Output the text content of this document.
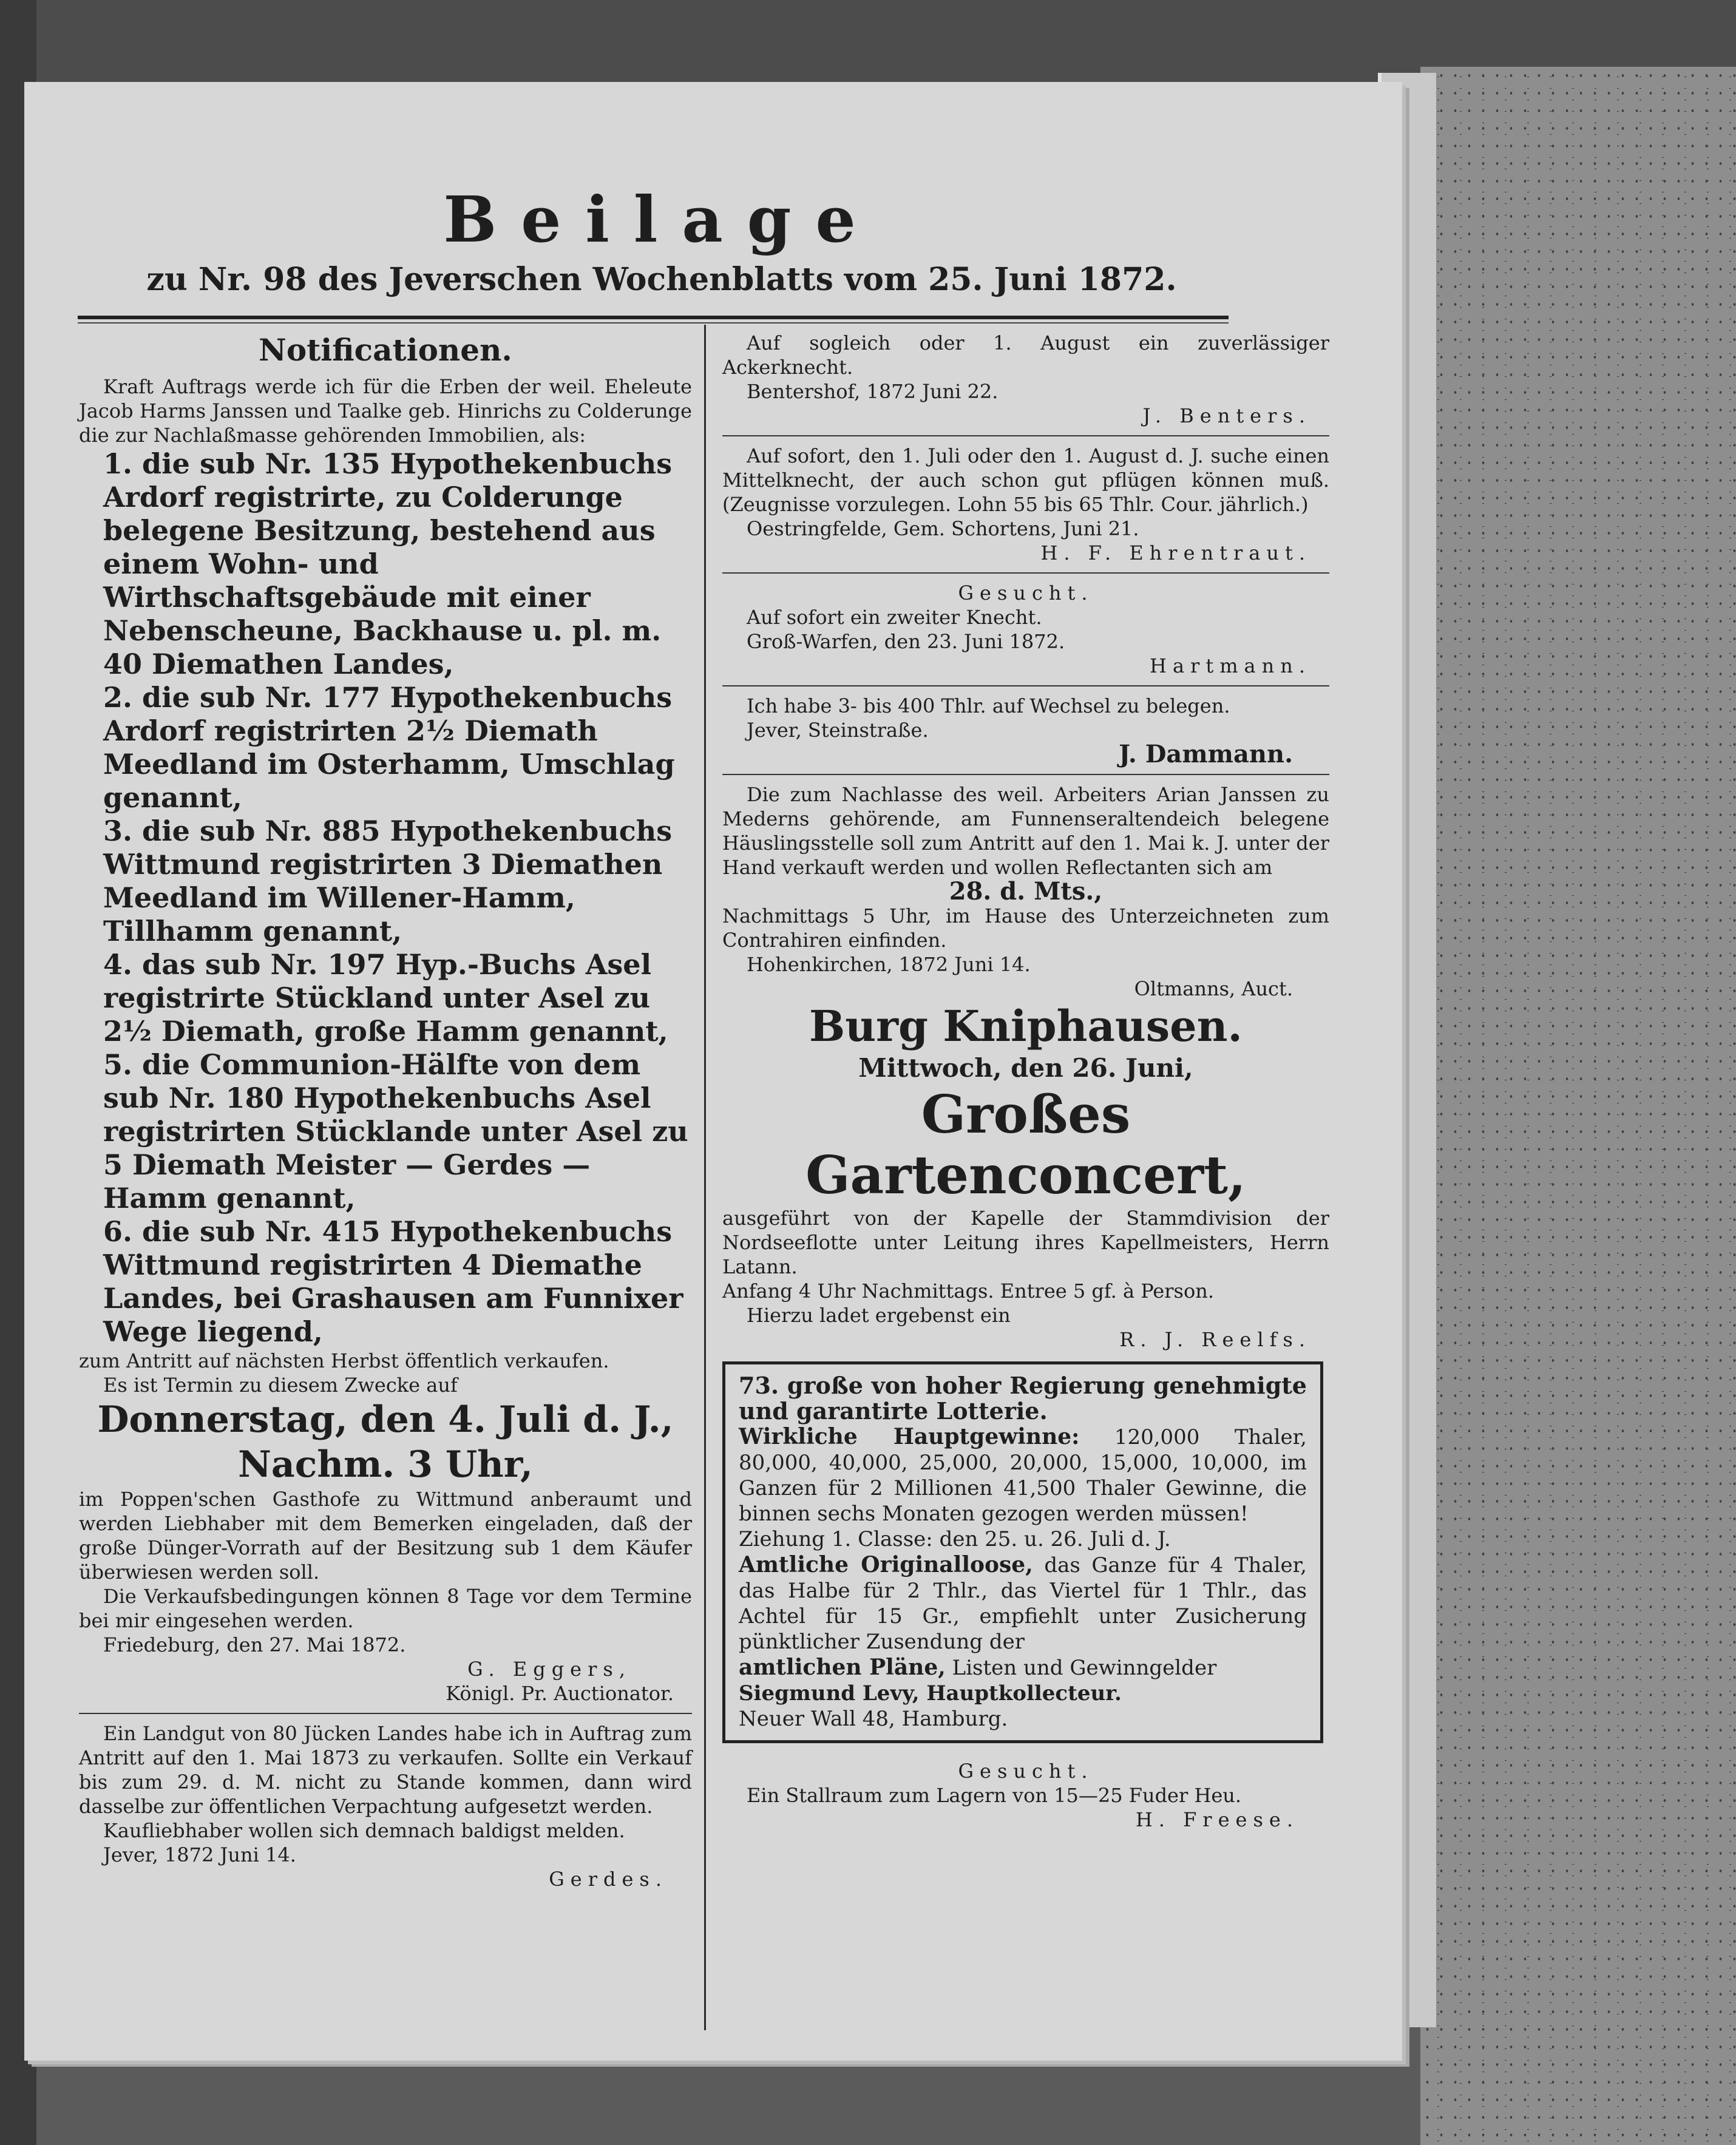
Beilage
zu Nr. 98 des Jeverschen Wochenblatts vom 25. Juni 1872.

Notificationen.

Kraft Auftrags werde ich für die Erben der weil. Eheleute Jacob Harms Janssen und Taalke geb. Hinrichs zu Colderunge die zur Nachlaßmasse gehörenden Immobilien, als:

1. die sub Nr. 135 Hypothekenbuchs Ardorf registrirte, zu Colderunge belegene Besitzung, bestehend aus einem Wohn- und Wirthschaftsgebäude mit einer Nebenscheune, Backhause u. pl. m. 40 Diemathen Landes,

2. die sub Nr. 177 Hypothekenbuchs Ardorf registrirten 2½ Diemath Meedland im Osterhamm, Umschlag genannt,

3. die sub Nr. 885 Hypothekenbuchs Wittmund registrirten 3 Diemathen Meedland im Willener-Hamm, Tillhamm genannt,

4. das sub Nr. 197 Hyp.-Buchs Asel registrirte Stückland unter Asel zu 2½ Diemath, große Hamm genannt,

5. die Communion-Hälfte von dem sub Nr. 180 Hypothekenbuchs Asel registrirten Stücklande unter Asel zu 5 Diemath Meister — Gerdes — Hamm genannt,

6. die sub Nr. 415 Hypothekenbuchs Wittmund registrirten 4 Diemathe Landes, bei Grashausen am Funnixer Wege liegend,

zum Antritt auf nächsten Herbst öffentlich verkaufen.

Es ist Termin zu diesem Zwecke auf

Donnerstag, den 4. Juli d. J.,

Nachm. 3 Uhr,

im Poppen'schen Gasthofe zu Wittmund anberaumt und werden Liebhaber mit dem Bemerken eingeladen, daß der große Dünger-Vorrath auf der Besitzung sub 1 dem Käufer überwiesen werden soll.

Die Verkaufsbedingungen können 8 Tage vor dem Termine bei mir eingesehen werden.

Friedeburg, den 27. Mai 1872.

G. Eggers,

Königl. Pr. Auctionator.

Ein Landgut von 80 Jücken Landes habe ich in Auftrag zum Antritt auf den 1. Mai 1873 zu verkaufen. Sollte ein Verkauf bis zum 29. d. M. nicht zu Stande kommen, dann wird dasselbe zur öffentlichen Verpachtung aufgesetzt werden.

Kaufliebhaber wollen sich demnach baldigst melden.

Jever, 1872 Juni 14.

Gerdes.

Auf sogleich oder 1. August ein zuverlässiger Ackerknecht.

Bentershof, 1872 Juni 22.

J. Benters.

Auf sofort, den 1. Juli oder den 1. August d. J. suche einen Mittelknecht, der auch schon gut pflügen können muß. (Zeugnisse vorzulegen. Lohn 55 bis 65 Thlr. Cour. jährlich.)

Oestringfelde, Gem. Schortens, Juni 21.

H. F. Ehrentraut.

Gesucht.

Auf sofort ein zweiter Knecht.

Groß-Warfen, den 23. Juni 1872.

Hartmann.

Ich habe 3- bis 400 Thlr. auf Wechsel zu belegen.

Jever, Steinstraße.

J. Dammann.

Die zum Nachlasse des weil. Arbeiters Arian Janssen zu Mederns gehörende, am Funnenseraltendeich belegene Häuslingsstelle soll zum Antritt auf den 1. Mai k. J. unter der Hand verkauft werden und wollen Reflectanten sich am

28. d. Mts.,

Nachmittags 5 Uhr, im Hause des Unterzeichneten zum Contrahiren einfinden.

Hohenkirchen, 1872 Juni 14.

Oltmanns, Auct.

Burg Kniphausen.

Mittwoch, den 26. Juni,

Großes Gartenconcert,

ausgeführt von der Kapelle der Stammdivision der Nordseeflotte unter Leitung ihres Kapellmeisters, Herrn Latann.

Anfang 4 Uhr Nachmittags. Entree 5 gf. à Person.

Hierzu ladet ergebenst ein

R. J. Reelfs.

73. große von hoher Regierung genehmigte und garantirte Lotterie.

Wirkliche Hauptgewinne: 120,000 Thaler, 80,000, 40,000, 25,000, 20,000, 15,000, 10,000, im Ganzen für 2 Millionen 41,500 Thaler Gewinne, die binnen sechs Monaten gezogen werden müssen!

Ziehung 1. Classe: den 25. u. 26. Juli d. J.

Amtliche Originalloose, das Ganze für 4 Thaler, das Halbe für 2 Thlr., das Viertel für 1 Thlr., das Achtel für 15 Gr., empfiehlt unter Zusicherung pünktlicher Zusendung der

amtlichen Pläne, Listen und Gewinngelder

Siegmund Levy, Hauptkollecteur.

Neuer Wall 48, Hamburg.

Gesucht.

Ein Stallraum zum Lagern von 15—25 Fuder Heu.

H. Freese.
